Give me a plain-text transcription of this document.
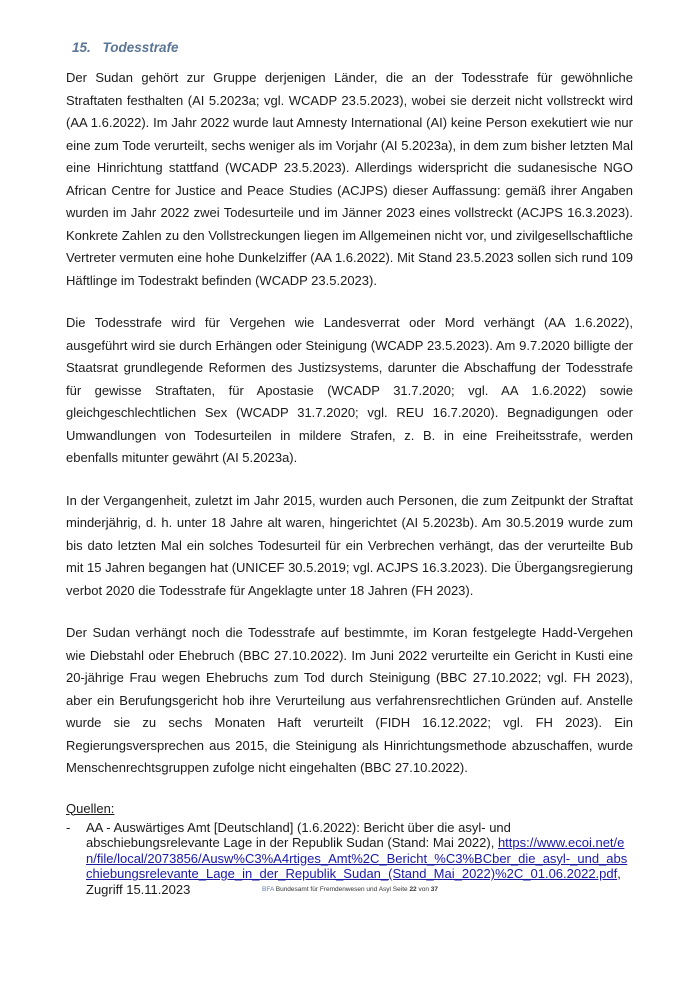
15. Todesstrafe

Der Sudan gehört zur Gruppe derjenigen Länder, die an der Todesstrafe für gewöhnliche Straftaten festhalten (AI 5.2023a; vgl. WCADP 23.5.2023), wobei sie derzeit nicht vollstreckt wird (AA 1.6.2022). Im Jahr 2022 wurde laut Amnesty International (AI) keine Person exekutiert wie nur eine zum Tode verurteilt, sechs weniger als im Vorjahr (AI 5.2023a), in dem zum bisher letzten Mal eine Hinrichtung stattfand (WCADP 23.5.2023). Allerdings widerspricht die sudanesische NGO African Centre for Justice and Peace Studies (ACJPS) dieser Auffassung: gemäß ihrer Angaben wurden im Jahr 2022 zwei Todesurteile und im Jänner 2023 eines vollstreckt (ACJPS 16.3.2023). Konkrete Zahlen zu den Vollstreckungen liegen im Allgemeinen nicht vor, und zivilgesellschaftliche Vertreter vermuten eine hohe Dunkelziffer (AA 1.6.2022). Mit Stand 23.5.2023 sollen sich rund 109 Häftlinge im Todestrakt befinden (WCADP 23.5.2023).

Die Todesstrafe wird für Vergehen wie Landesverrat oder Mord verhängt (AA 1.6.2022), ausgeführt wird sie durch Erhängen oder Steinigung (WCADP 23.5.2023). Am 9.7.2020 billigte der Staatsrat grundlegende Reformen des Justizsystems, darunter die Abschaffung der Todesstrafe für gewisse Straftaten, für Apostasie (WCADP 31.7.2020; vgl. AA 1.6.2022) sowie gleichgeschlechtlichen Sex (WCADP 31.7.2020; vgl. REU 16.7.2020). Begnadigungen oder Umwandlungen von Todesurteilen in mildere Strafen, z. B. in eine Freiheitsstrafe, werden ebenfalls mitunter gewährt (AI 5.2023a).

In der Vergangenheit, zuletzt im Jahr 2015, wurden auch Personen, die zum Zeitpunkt der Straftat minderjährig, d. h. unter 18 Jahre alt waren, hingerichtet (AI 5.2023b). Am 30.5.2019 wurde zum bis dato letzten Mal ein solches Todesurteil für ein Verbrechen verhängt, das der verurteilte Bub mit 15 Jahren begangen hat (UNICEF 30.5.2019; vgl. ACJPS 16.3.2023). Die Übergangsregierung verbot 2020 die Todesstrafe für Angeklagte unter 18 Jahren (FH 2023).

Der Sudan verhängt noch die Todesstrafe auf bestimmte, im Koran festgelegte Hadd-Vergehen wie Diebstahl oder Ehebruch (BBC 27.10.2022). Im Juni 2022 verurteilte ein Gericht in Kusti eine 20-jährige Frau wegen Ehebruchs zum Tod durch Steinigung (BBC 27.10.2022; vgl. FH 2023), aber ein Berufungsgericht hob ihre Verurteilung aus verfahrensrechtlichen Gründen auf. Anstelle wurde sie zu sechs Monaten Haft verurteilt (FIDH 16.12.2022; vgl. FH 2023). Ein Regierungsversprechen aus 2015, die Steinigung als Hinrichtungsmethode abzuschaffen, wurde Menschenrechtsgruppen zufolge nicht eingehalten (BBC 27.10.2022).

Quellen:
-	AA - Auswärtiges Amt [Deutschland] (1.6.2022): Bericht über die asyl- und abschiebungsrelevante Lage in der Republik Sudan (Stand: Mai 2022), https://www.ecoi.net/en/file/local/2073856/Ausw%C3%A4rtiges_Amt%2C_Bericht_%C3%BCber_die_asyl-_und_abschiebungsrelevante_Lage_in_der_Republik_Sudan_(Stand_Mai_2022)%2C_01.06.2022.pdf, Zugriff 15.11.2023	BFA Bundesamt für Fremdenwesen und Asyl Seite 22 von 37
